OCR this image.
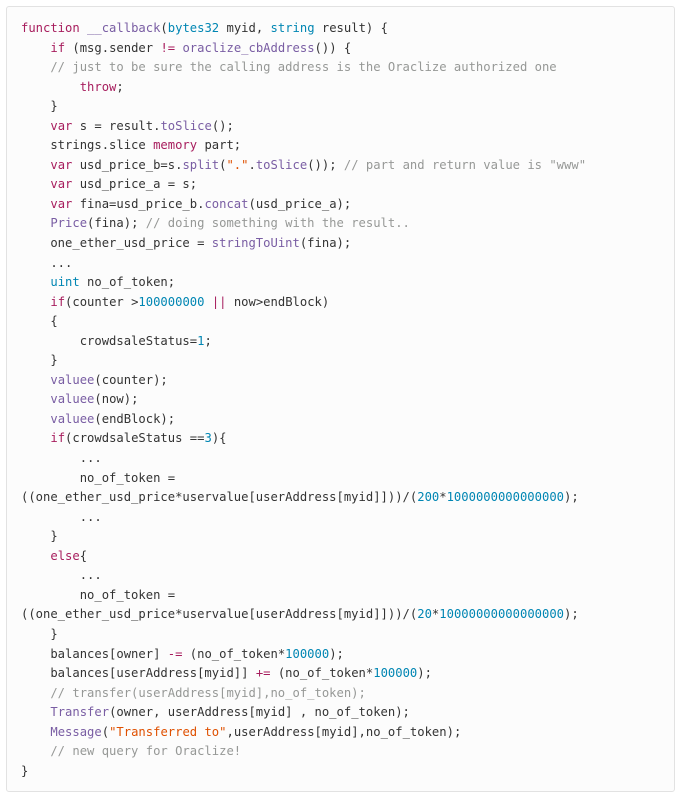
function __callback(bytes32 myid, string result) {
if (msg.sender != oraclize_cbAddress()) {
// just to be sure the calling address is the Oraclize authorized one
throw;
}
var s = result.toSlice();
strings.slice memory part;
var usd_price_b=s.split(".".toSlice()); // part and return value is "www"
var usd_price_a = s;
var fina=usd_price_b.concat(usd_price_a);
Price(fina); // doing something with the result..
one_ether_usd_price = stringToUint(fina);
...
uint no_of_token;
if(counter >100000000 || now>endBlock)
{
crowdsaleStatus=1;
}
valuee(counter);
valuee(now);
valuee(endBlock);
if(crowdsaleStatus ==3){
...
no_of_token =
((one_ether_usd_price*uservalue[userAddress[myid]]))/(200*1000000000000000);
...
}
else{
...
no_of_token =
((one_ether_usd_price*uservalue[userAddress[myid]]))/(20*10000000000000000);
}
balances[owner] -= (no_of_token*100000);
balances[userAddress[myid]] += (no_of_token*100000);
// transfer(userAddress[myid],no_of_token);
Transfer(owner, userAddress[myid] , no_of_token);
Message("Transferred to",userAddress[myid],no_of_token);
// new query for Oraclize!
}
